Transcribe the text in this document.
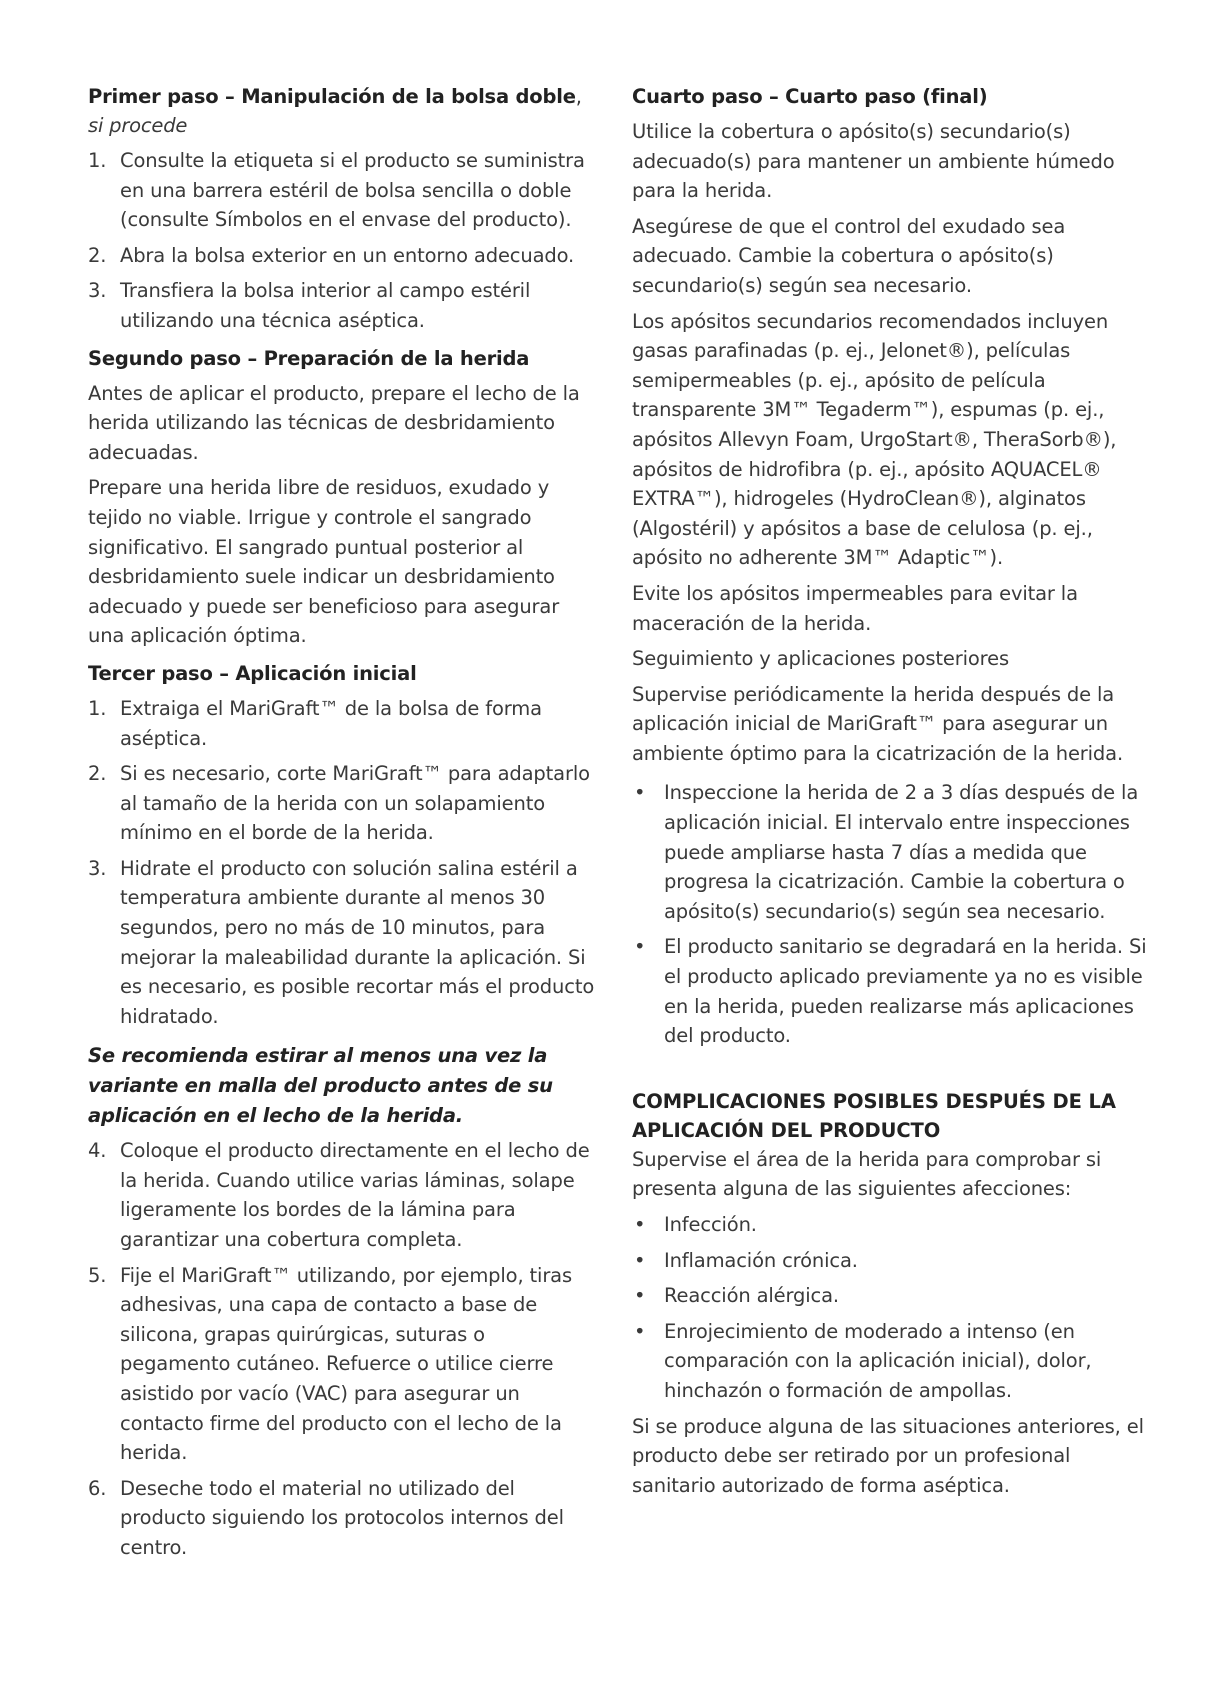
Primer paso – Manipulación de la bolsa doble,

si procede

1. Consulte la etiqueta si el producto se suministra en una barrera estéril de bolsa sencilla o doble (consulte Símbolos en el envase del producto).
2. Abra la bolsa exterior en un entorno adecuado.
3. Transfiera la bolsa interior al campo estéril utilizando una técnica aséptica.

Segundo paso – Preparación de la herida

Antes de aplicar el producto, prepare el lecho de la herida utilizando las técnicas de desbridamiento adecuadas.

Prepare una herida libre de residuos, exudado y tejido no viable. Irrigue y controle el sangrado significativo. El sangrado puntual posterior al desbridamiento suele indicar un desbridamiento adecuado y puede ser beneficioso para asegurar una aplicación óptima.

Tercer paso – Aplicación inicial

1. Extraiga el MariGraft™ de la bolsa de forma aséptica.
2. Si es necesario, corte MariGraft™ para adaptarlo al tamaño de la herida con un solapamiento mínimo en el borde de la herida.
3. Hidrate el producto con solución salina estéril a temperatura ambiente durante al menos 30 segundos, pero no más de 10 minutos, para mejorar la maleabilidad durante la aplicación. Si es necesario, es posible recortar más el producto hidratado.

Se recomienda estirar al menos una vez la variante en malla del producto antes de su aplicación en el lecho de la herida.

4. Coloque el producto directamente en el lecho de la herida. Cuando utilice varias láminas, solape ligeramente los bordes de la lámina para garantizar una cobertura completa.
5. Fije el MariGraft™ utilizando, por ejemplo, tiras adhesivas, una capa de contacto a base de silicona, grapas quirúrgicas, suturas o pegamento cutáneo. Refuerce o utilice cierre asistido por vacío (VAC) para asegurar un contacto firme del producto con el lecho de la herida.
6. Deseche todo el material no utilizado del producto siguiendo los protocolos internos del centro.

Cuarto paso – Cuarto paso (final)

Utilice la cobertura o apósito(s) secundario(s) adecuado(s) para mantener un ambiente húmedo para la herida.

Asegúrese de que el control del exudado sea adecuado. Cambie la cobertura o apósito(s) secundario(s) según sea necesario.

Los apósitos secundarios recomendados incluyen gasas parafinadas (p. ej., Jelonet®), películas semipermeables (p. ej., apósito de película transparente 3M™ Tegaderm™), espumas (p. ej., apósitos Allevyn Foam, UrgoStart®, TheraSorb®), apósitos de hidrofibra (p. ej., apósito AQUACEL® EXTRA™), hidrogeles (HydroClean®), alginatos (Algostéril) y apósitos a base de celulosa (p. ej., apósito no adherente 3M™ Adaptic™).

Evite los apósitos impermeables para evitar la maceración de la herida.

Seguimiento y aplicaciones posteriores

Supervise periódicamente la herida después de la aplicación inicial de MariGraft™ para asegurar un ambiente óptimo para la cicatrización de la herida.

• Inspeccione la herida de 2 a 3 días después de la aplicación inicial. El intervalo entre inspecciones puede ampliarse hasta 7 días a medida que progresa la cicatrización. Cambie la cobertura o apósito(s) secundario(s) según sea necesario.
• El producto sanitario se degradará en la herida. Si el producto aplicado previamente ya no es visible en la herida, pueden realizarse más aplicaciones del producto.

COMPLICACIONES POSIBLES DESPUÉS DE LA APLICACIÓN DEL PRODUCTO

Supervise el área de la herida para comprobar si presenta alguna de las siguientes afecciones:

• Infección.
• Inflamación crónica.
• Reacción alérgica.
• Enrojecimiento de moderado a intenso (en comparación con la aplicación inicial), dolor, hinchazón o formación de ampollas.

Si se produce alguna de las situaciones anteriores, el producto debe ser retirado por un profesional sanitario autorizado de forma aséptica.
